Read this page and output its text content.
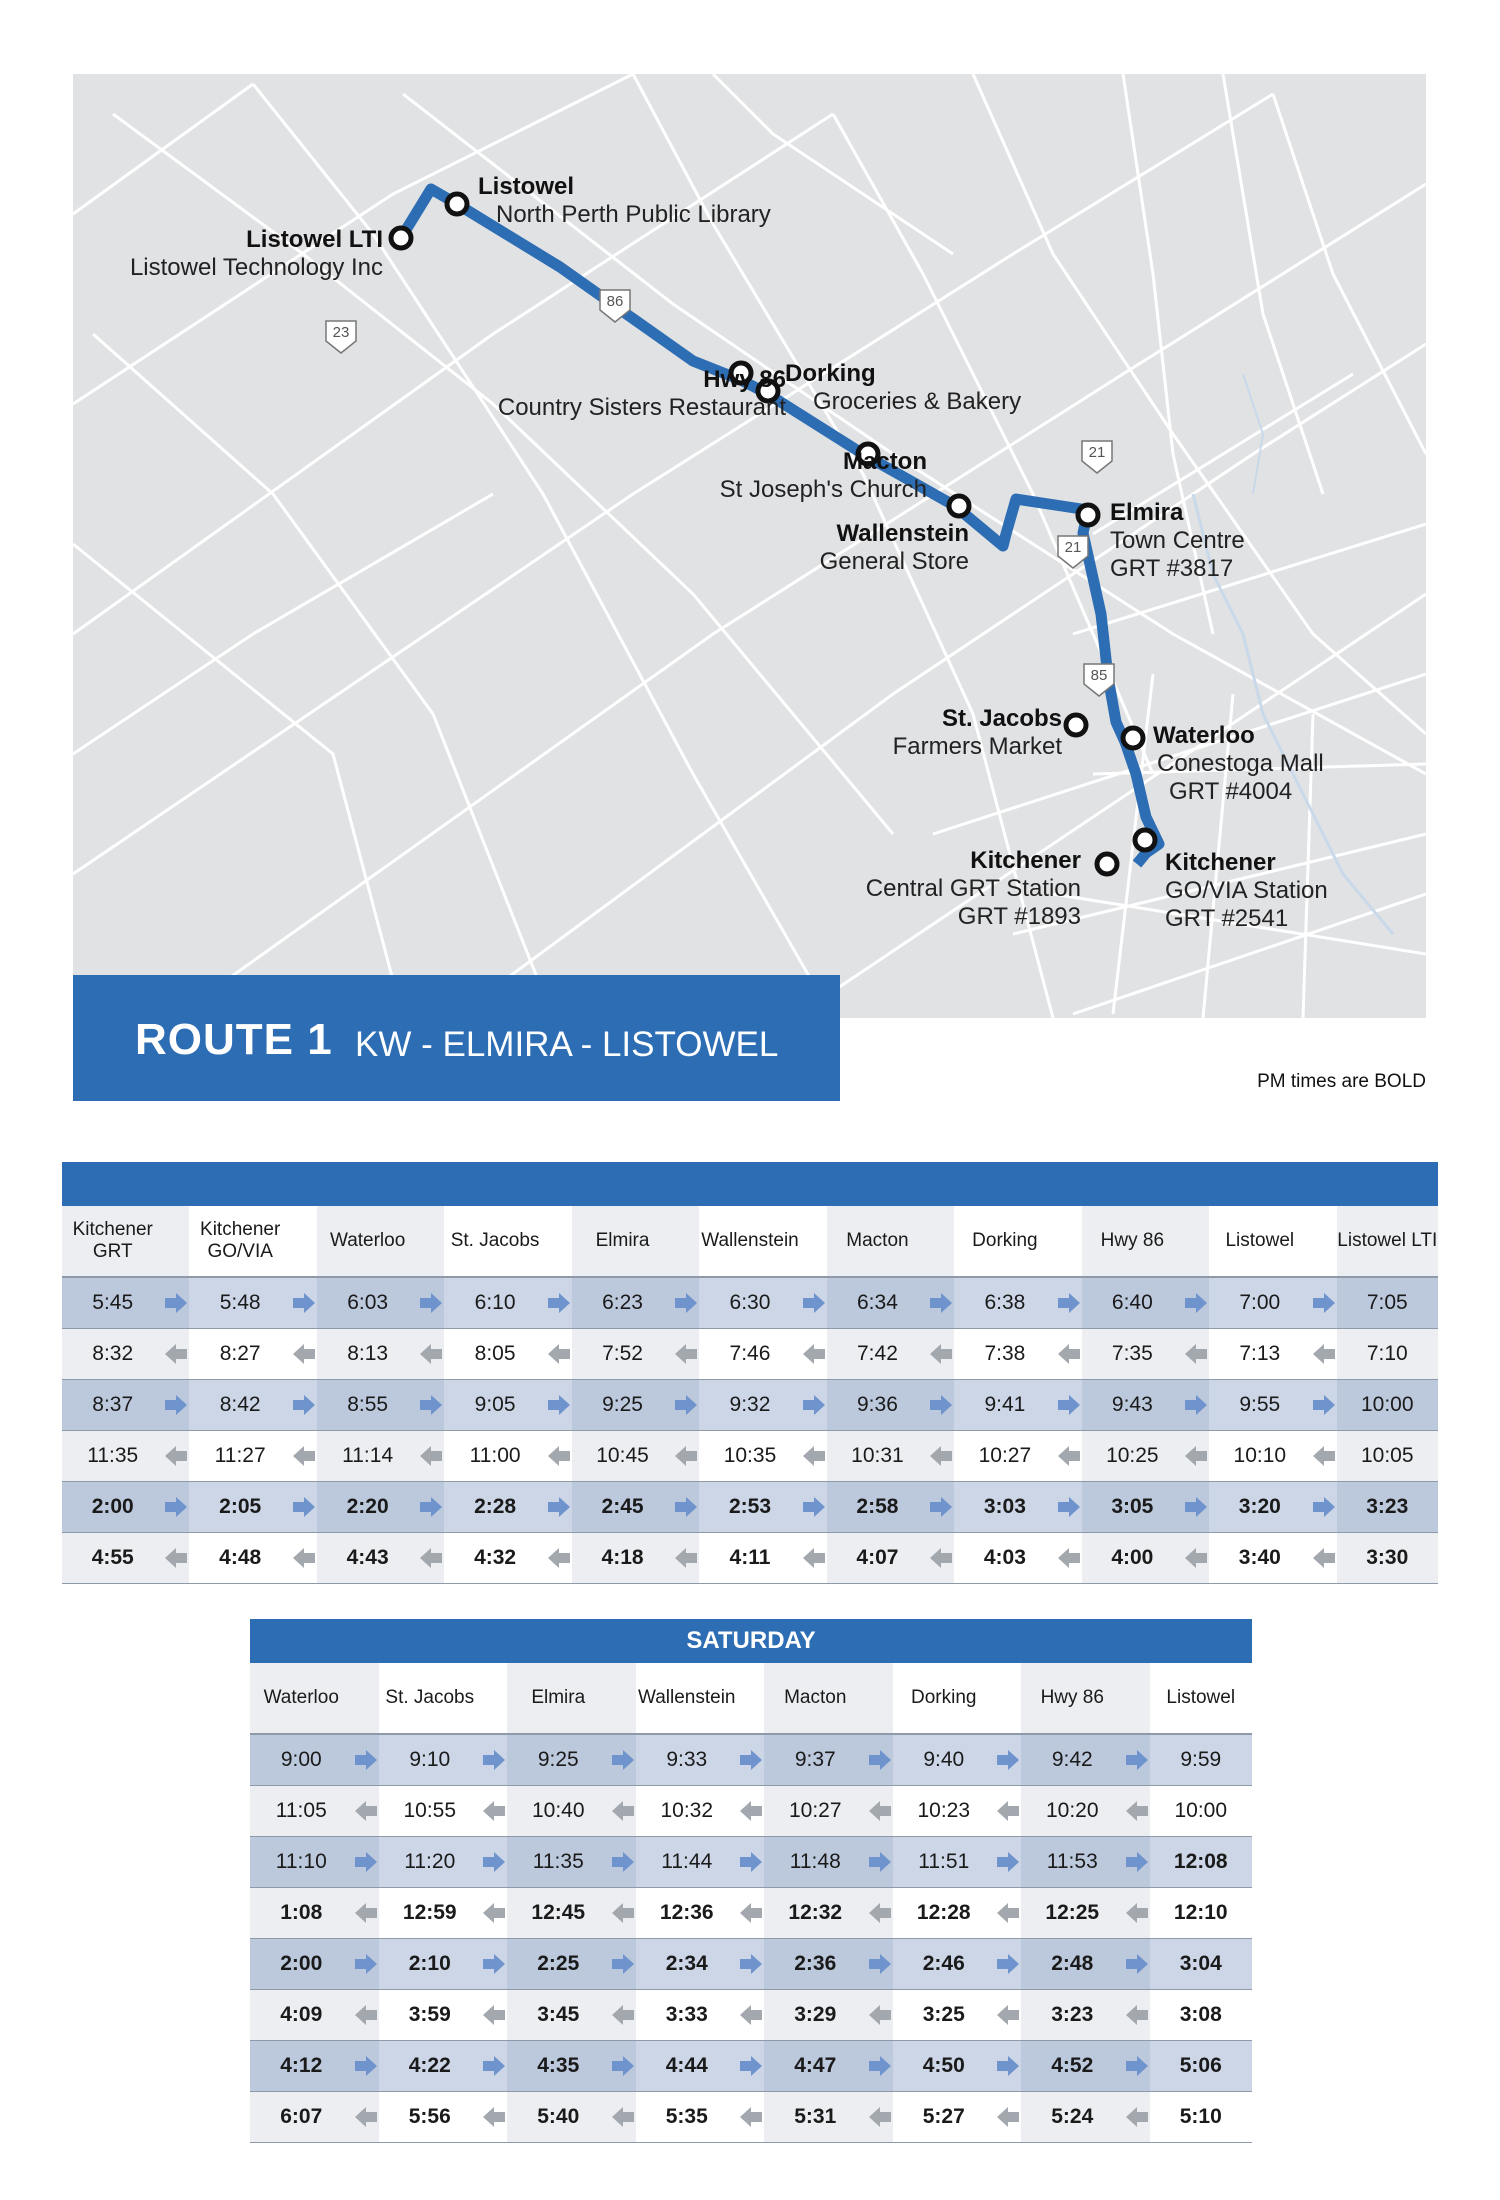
23
86
21
21
85
Listowel
North Perth Public Library
Listowel LTI
Listowel Technology Inc
Hwy 86
Country Sisters Restaurant
Dorking
Groceries & Bakery
Macton
St Joseph's Church
Wallenstein
General Store
Elmira
Town Centre
GRT #3817
St. Jacobs
Farmers Market	Waterloo
Conestoga Mall
GRT #4004
Kitchener
Central GRT Station
GRT #1893
Kitchener
GO/VIA Station
GRT #2541
ROUTE 1 KW - ELMIRA - LISTOWEL
PM times are BOLD
Kitchener GRT		Kitchener GO/VIA		Waterloo		St. Jacobs		Elmira		Wallenstein		Macton		Dorking		Hwy 86		Listowel		Listowel LTI
5:45		5:48		6:03		6:10		6:23		6:30		6:34		6:38		6:40		7:00		7:05
8:32		8:27		8:13		8:05		7:52		7:46		7:42		7:38		7:35		7:13		7:10
8:37		8:42		8:55		9:05		9:25		9:32		9:36		9:41		9:43		9:55		10:00
11:35		11:27		11:14		11:00		10:45		10:35		10:31		10:27		10:25		10:10		10:05
2:00		2:05		2:20		2:28		2:45		2:53		2:58		3:03		3:05		3:20		3:23
4:55		4:48		4:43		4:32		4:18		4:11		4:07		4:03		4:00		3:40		3:30
SATURDAY
Waterloo		St. Jacobs		Elmira		Wallenstein		Macton		Dorking		Hwy 86		Listowel
9:00		9:10		9:25		9:33		9:37		9:40		9:42		9:59
11:05		10:55		10:40		10:32		10:27		10:23		10:20		10:00
11:10		11:20		11:35		11:44		11:48		11:51		11:53		12:08
1:08		12:59		12:45		12:36		12:32		12:28		12:25		12:10
2:00		2:10		2:25		2:34		2:36		2:46		2:48		3:04
4:09		3:59		3:45		3:33		3:29		3:25		3:23		3:08
4:12		4:22		4:35		4:44		4:47		4:50		4:52		5:06
6:07		5:56		5:40		5:35		5:31		5:27		5:24		5:10
